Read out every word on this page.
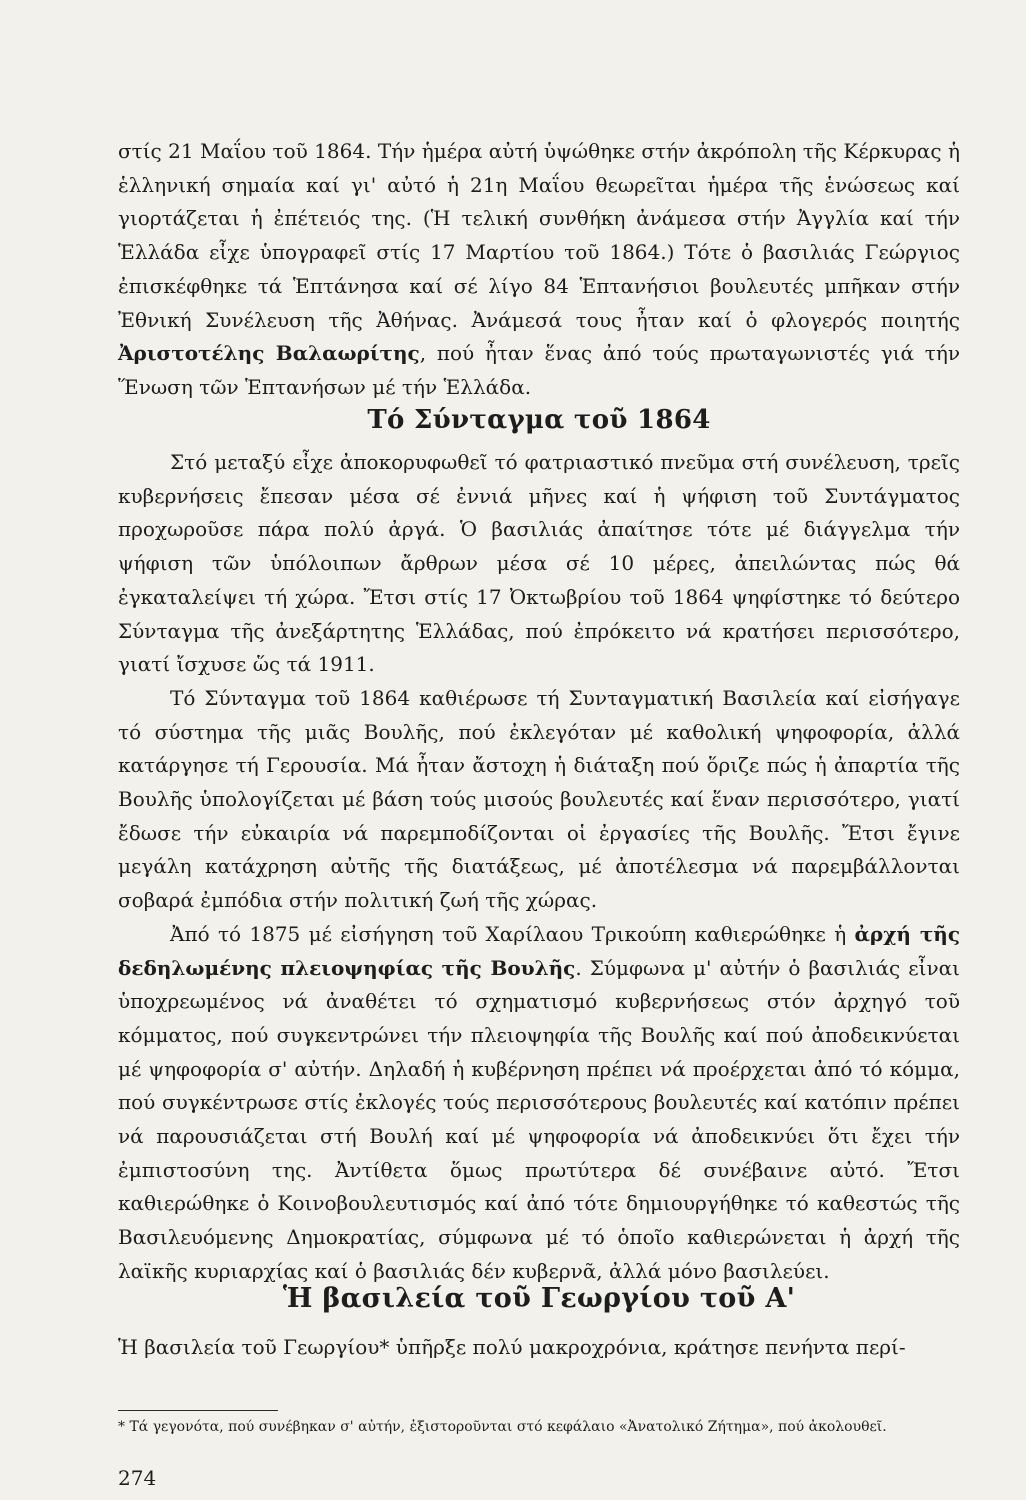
στίς 21 Μαΐου τοῦ 1864. Τήν ἡμέρα αὐτή ὑψώθηκε στήν ἀκρόπολη τῆς Κέρκυρας ἡ ἑλληνική σημαία καί γι' αὐτό ἡ 21η Μαΐου θεωρεῖται ἡμέρα τῆς ἑνώσεως καί γιορτάζεται ἡ ἐπέτειός της. (Ἡ τελική συνθήκη ἀνάμεσα στήν Ἀγγλία καί τήν Ἑλλάδα εἶχε ὑπογραφεῖ στίς 17 Μαρτίου τοῦ 1864.) Τότε ὁ βασιλιάς Γεώργιος ἐπισκέφθηκε τά Ἑπτάνησα καί σέ λίγο 84 Ἑπτανήσιοι βουλευτές μπῆκαν στήν Ἐθνική Συνέλευση τῆς Ἀθήνας. Ἀνάμεσά τους ἦταν καί ὁ φλογερός ποιητής Ἀριστοτέλης Βαλαωρίτης, πού ἦταν ἕνας ἀπό τούς πρωταγωνιστές γιά τήν Ἕνωση τῶν Ἑπτανήσων μέ τήν Ἑλλάδα.

Τό Σύνταγμα τοῦ 1864

Στό μεταξύ εἶχε ἀποκορυφωθεῖ τό φατριαστικό πνεῦμα στή συνέλευση, τρεῖς κυβερνήσεις ἔπεσαν μέσα σέ ἐννιά μῆνες καί ἡ ψήφιση τοῦ Συντάγματος προχωροῦσε πάρα πολύ ἀργά. Ὁ βασιλιάς ἀπαίτησε τότε μέ διάγγελμα τήν ψήφιση τῶν ὑπόλοιπων ἄρθρων μέσα σέ 10 μέρες, ἀπειλώντας πώς θά ἐγκαταλείψει τή χώρα. Ἔτσι στίς 17 Ὀκτωβρίου τοῦ 1864 ψηφίστηκε τό δεύτερο Σύνταγμα τῆς ἀνεξάρτητης Ἑλλάδας, πού ἐπρόκειτο νά κρατήσει περισσότερο, γιατί ἴσχυσε ὥς τά 1911.

Τό Σύνταγμα τοῦ 1864 καθιέρωσε τή Συνταγματική Βασιλεία καί εἰσήγαγε τό σύστημα τῆς μιᾶς Βουλῆς, πού ἐκλεγόταν μέ καθολική ψηφοφορία, ἀλλά κατάργησε τή Γερουσία. Μά ἦταν ἄστοχη ἡ διάταξη πού ὅριζε πώς ἡ ἀπαρτία τῆς Βουλῆς ὑπολογίζεται μέ βάση τούς μισούς βουλευτές καί ἕναν περισσότερο, γιατί ἔδωσε τήν εὐκαιρία νά παρεμποδίζονται οἱ ἐργασίες τῆς Βουλῆς. Ἔτσι ἔγινε μεγάλη κατάχρηση αὐτῆς τῆς διατάξεως, μέ ἀποτέλεσμα νά παρεμβάλλονται σοβαρά ἐμπόδια στήν πολιτική ζωή τῆς χώρας.

Ἀπό τό 1875 μέ εἰσήγηση τοῦ Χαρίλαου Τρικούπη καθιερώθηκε ἡ ἀρχή τῆς δεδηλωμένης πλειοψηφίας τῆς Βουλῆς. Σύμφωνα μ' αὐτήν ὁ βασιλιάς εἶναι ὑποχρεωμένος νά ἀναθέτει τό σχηματισμό κυβερνήσεως στόν ἀρχηγό τοῦ κόμματος, πού συγκεντρώνει τήν πλειοψηφία τῆς Βουλῆς καί πού ἀποδεικνύεται μέ ψηφοφορία σ' αὐτήν. Δηλαδή ἡ κυβέρνηση πρέπει νά προέρχεται ἀπό τό κόμμα, πού συγκέντρωσε στίς ἐκλογές τούς περισσότερους βουλευτές καί κατόπιν πρέπει νά παρουσιάζεται στή Βουλή καί μέ ψηφοφορία νά ἀποδεικνύει ὅτι ἔχει τήν ἐμπιστοσύνη της. Ἀντίθετα ὅμως πρωτύτερα δέ συνέβαινε αὐτό. Ἔτσι καθιερώθηκε ὁ Κοινοβουλευτισμός καί ἀπό τότε δημιουργήθηκε τό καθεστώς τῆς Βασιλευόμενης Δημοκρατίας, σύμφωνα μέ τό ὁποῖο καθιερώνεται ἡ ἀρχή τῆς λαϊκῆς κυριαρχίας καί ὁ βασιλιάς δέν κυβερνᾶ, ἀλλά μόνο βασιλεύει.

Ἡ βασιλεία τοῦ Γεωργίου τοῦ Α'

Ἡ βασιλεία τοῦ Γεωργίου* ὑπῆρξε πολύ μακροχρόνια, κράτησε πενήντα περί-

* Τά γεγονότα, πού συνέβηκαν σ' αὐτήν, ἐξιστοροῦνται στό κεφάλαιο «Ἀνατολικό Ζήτημα», πού ἀκολουθεῖ.

274
